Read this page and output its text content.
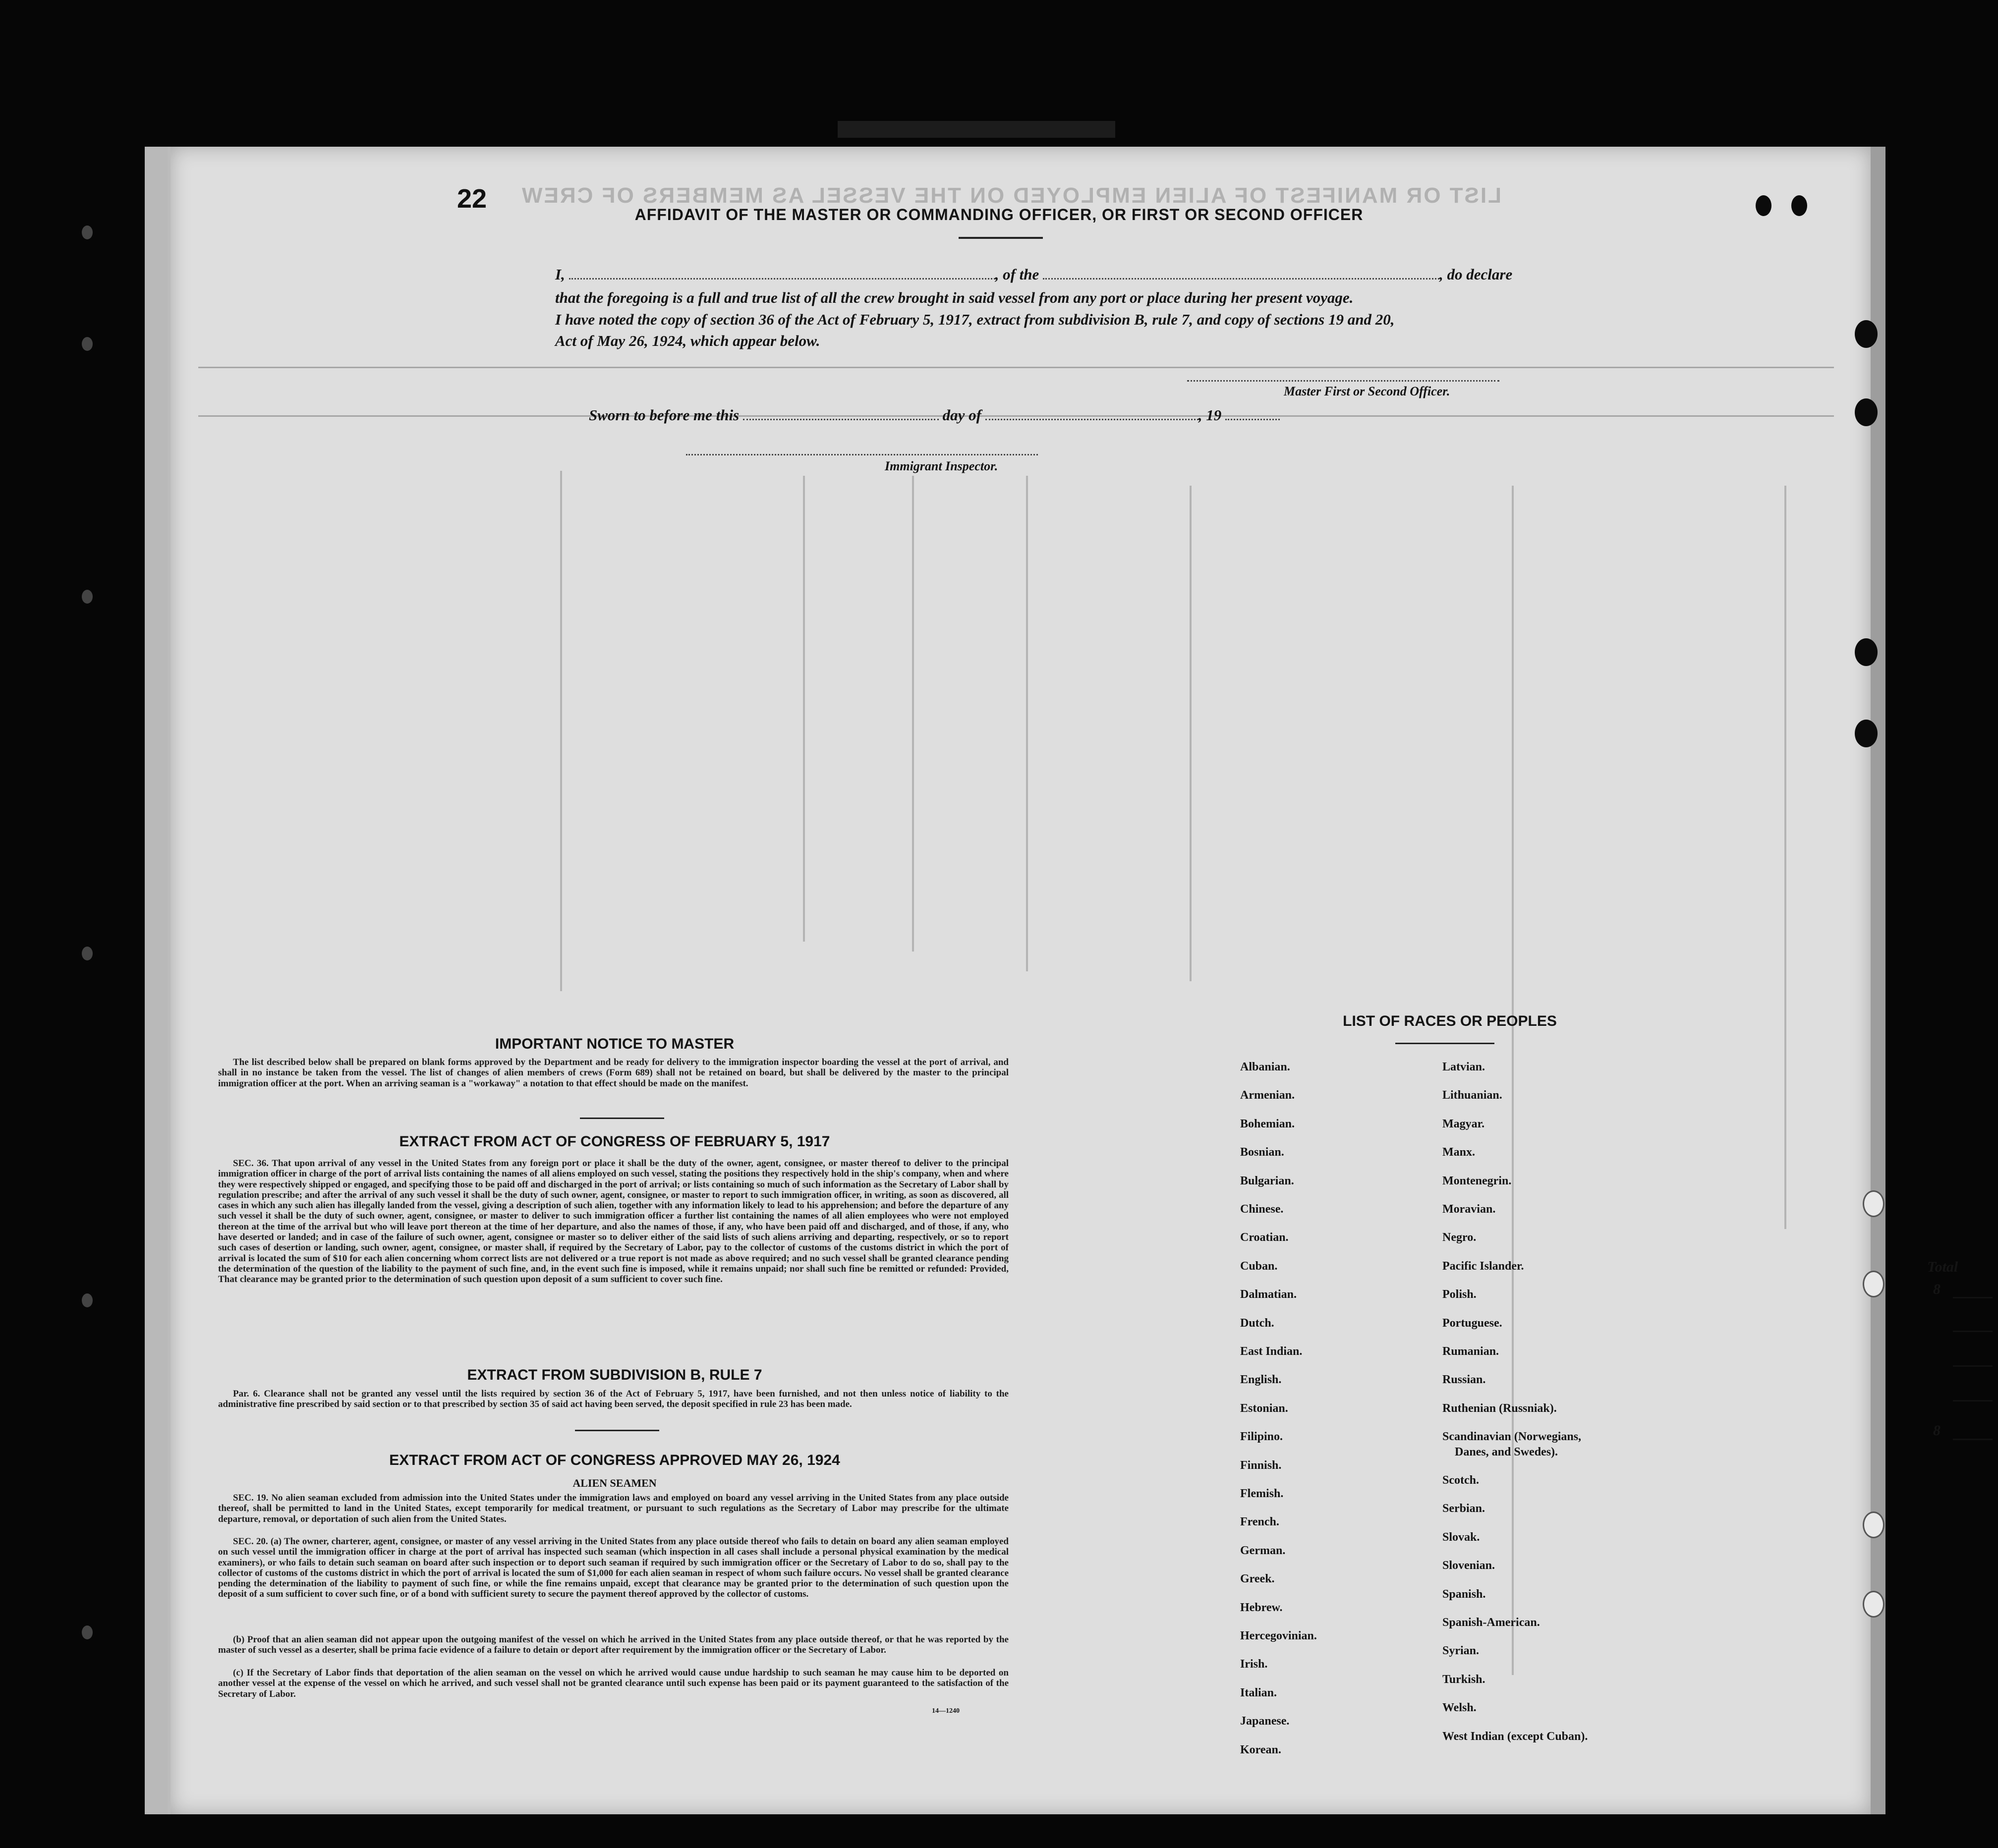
LIST OR MANIFEST OF ALIEN EMPLOYED ON THE VESSEL AS MEMBERS OF CREW
22
AFFIDAVIT OF THE MASTER OR COMMANDING OFFICER, OR FIRST OR SECOND OFFICER
I,	, of the	, do declare
that the foregoing is a full and true list of all the crew brought in said vessel from any port or place during her present voyage.
I have noted the copy of section 36 of the Act of February 5, 1917, extract from subdivision B, rule 7, and copy of sections 19 and 20,
Act of May 26, 1924, which appear below.
Master First or Second Officer.
Sworn to before me this	day of	, 19
Immigrant Inspector.
IMPORTANT NOTICE TO MASTER
The list described below shall be prepared on blank forms approved by the Department and be ready for delivery to the immigration inspector boarding the vessel at the port of arrival, and shall in no instance be taken from the vessel. The list of changes of alien members of crews (Form 689) shall not be retained on board, but shall be delivered by the master to the principal immigration officer at the port. When an arriving seaman is a "workaway" a notation to that effect should be made on the manifest.
EXTRACT FROM ACT OF CONGRESS OF FEBRUARY 5, 1917
SEC. 36. That upon arrival of any vessel in the United States from any foreign port or place it shall be the duty of the owner, agent, consignee, or master thereof to deliver to the principal immigration officer in charge of the port of arrival lists containing the names of all aliens employed on such vessel, stating the positions they respectively hold in the ship's company, when and where they were respectively shipped or engaged, and specifying those to be paid off and discharged in the port of arrival; or lists containing so much of such information as the Secretary of Labor shall by regulation prescribe; and after the arrival of any such vessel it shall be the duty of such owner, agent, consignee, or master to report to such immigration officer, in writing, as soon as discovered, all cases in which any such alien has illegally landed from the vessel, giving a description of such alien, together with any information likely to lead to his apprehension; and before the departure of any such vessel it shall be the duty of such owner, agent, consignee, or master to deliver to such immigration officer a further list containing the names of all alien employees who were not employed thereon at the time of the arrival but who will leave port thereon at the time of her departure, and also the names of those, if any, who have been paid off and discharged, and of those, if any, who have deserted or landed; and in case of the failure of such owner, agent, consignee or master so to deliver either of the said lists of such aliens arriving and departing, respectively, or so to report such cases of desertion or landing, such owner, agent, consignee, or master shall, if required by the Secretary of Labor, pay to the collector of customs of the customs district in which the port of arrival is located the sum of $10 for each alien concerning whom correct lists are not delivered or a true report is not made as above required; and no such vessel shall be granted clearance pending the determination of the question of the liability to the payment of such fine, and, in the event such fine is imposed, while it remains unpaid; nor shall such fine be remitted or refunded: Provided, That clearance may be granted prior to the determination of such question upon deposit of a sum sufficient to cover such fine.
EXTRACT FROM SUBDIVISION B, RULE 7
Par. 6. Clearance shall not be granted any vessel until the lists required by section 36 of the Act of February 5, 1917, have been furnished, and not then unless notice of liability to the administrative fine prescribed by said section or to that prescribed by section 35 of said act having been served, the deposit specified in rule 23 has been made.
EXTRACT FROM ACT OF CONGRESS APPROVED MAY 26, 1924
ALIEN SEAMEN
SEC. 19. No alien seaman excluded from admission into the United States under the immigration laws and employed on board any vessel arriving in the United States from any place outside thereof, shall be permitted to land in the United States, except temporarily for medical treatment, or pursuant to such regulations as the Secretary of Labor may prescribe for the ultimate departure, removal, or deportation of such alien from the United States.
SEC. 20. (a) The owner, charterer, agent, consignee, or master of any vessel arriving in the United States from any place outside thereof who fails to detain on board any alien seaman employed on such vessel until the immigration officer in charge at the port of arrival has inspected such seaman (which inspection in all cases shall include a personal physical examination by the medical examiners), or who fails to detain such seaman on board after such inspection or to deport such seaman if required by such immigration officer or the Secretary of Labor to do so, shall pay to the collector of customs of the customs district in which the port of arrival is located the sum of $1,000 for each alien seaman in respect of whom such failure occurs. No vessel shall be granted clearance pending the determination of the liability to payment of such fine, or while the fine remains unpaid, except that clearance may be granted prior to the determination of such question upon the deposit of a sum sufficient to cover such fine, or of a bond with sufficient surety to secure the payment thereof approved by the collector of customs.
(b) Proof that an alien seaman did not appear upon the outgoing manifest of the vessel on which he arrived in the United States from any place outside thereof, or that he was reported by the master of such vessel as a deserter, shall be prima facie evidence of a failure to detain or deport after requirement by the immigration officer or the Secretary of Labor.
(c) If the Secretary of Labor finds that deportation of the alien seaman on the vessel on which he arrived would cause undue hardship to such seaman he may cause him to be deported on another vessel at the expense of the vessel on which he arrived, and such vessel shall not be granted clearance until such expense has been paid or its payment guaranteed to the satisfaction of the Secretary of Labor.
14—1240
LIST OF RACES OR PEOPLES
Albanian.
Armenian.
Bohemian.
Bosnian.
Bulgarian.
Chinese.
Croatian.
Cuban.
Dalmatian.
Dutch.
East Indian.
English.
Estonian.
Filipino.
Finnish.
Flemish.
French.
German.
Greek.
Hebrew.
Hercegovinian.
Irish.
Italian.
Japanese.
Korean.
Latvian.
Lithuanian.
Magyar.
Manx.
Montenegrin.
Moravian.
Negro.
Pacific Islander.
Polish.
Portuguese.
Rumanian.
Russian.
Ruthenian (Russniak).
Scandinavian (Norwegians,
Danes, and Swedes).
Scotch.
Serbian.
Slovak.
Slovenian.
Spanish.
Spanish-American.
Syrian.
Turkish.
Welsh.
West Indian (except Cuban).
Total
8
8
